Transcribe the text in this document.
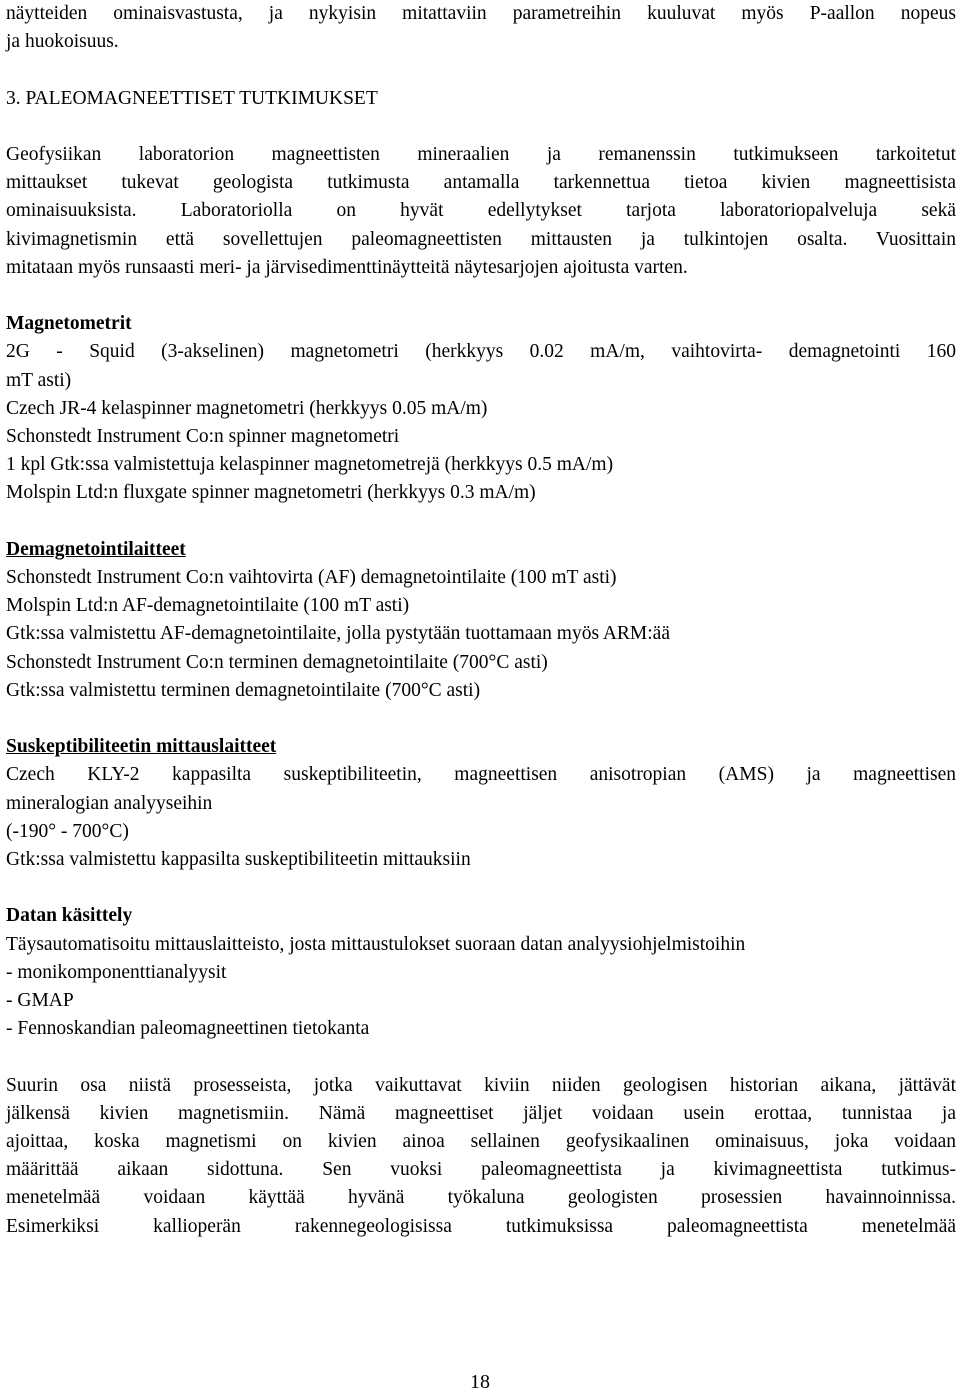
näytteiden ominaisvastusta, ja nykyisin mitattaviin parametreihin kuuluvat myös P-aallon nopeus
ja huokoisuus.
3. PALEOMAGNEETTISET TUTKIMUKSET
Geofysiikan laboratorion magneettisten mineraalien ja remanenssin tutkimukseen tarkoitetut
mittaukset tukevat geologista tutkimusta antamalla tarkennettua tietoa kivien magneettisista
ominaisuuksista. Laboratoriolla on hyvät edellytykset tarjota laboratoriopalveluja sekä
kivimagnetismin että sovellettujen paleomagneettisten mittausten ja tulkintojen osalta. Vuosittain
mitataan myös runsaasti meri- ja järvisedimenttinäytteitä näytesarjojen ajoitusta varten.
Magnetometrit
2G - Squid (3-akselinen) magnetometri (herkkyys 0.02 mA/m, vaihtovirta- demagnetointi 160
mT asti)
Czech JR-4 kelaspinner magnetometri (herkkyys 0.05 mA/m)
Schonstedt Instrument Co:n spinner magnetometri
1 kpl Gtk:ssa valmistettuja kelaspinner magnetometrejä (herkkyys 0.5 mA/m)
Molspin Ltd:n fluxgate spinner magnetometri (herkkyys 0.3 mA/m)
Demagnetointilaitteet
Schonstedt Instrument Co:n vaihtovirta (AF) demagnetointilaite (100 mT asti)
Molspin Ltd:n AF-demagnetointilaite (100 mT asti)
Gtk:ssa valmistettu AF-demagnetointilaite, jolla pystytään tuottamaan myös ARM:ää
Schonstedt Instrument Co:n terminen demagnetointilaite (700°C asti)
Gtk:ssa valmistettu terminen demagnetointilaite (700°C asti)
Suskeptibiliteetin mittauslaitteet
Czech KLY-2 kappasilta suskeptibiliteetin, magneettisen anisotropian (AMS) ja magneettisen
mineralogian analyyseihin
(-190° - 700°C)
Gtk:ssa valmistettu kappasilta suskeptibiliteetin mittauksiin
Datan käsittely
Täysautomatisoitu mittauslaitteisto, josta mittaustulokset suoraan datan analyysiohjelmistoihin
- monikomponenttianalyysit
- GMAP
- Fennoskandian paleomagneettinen tietokanta
Suurin osa niistä prosesseista, jotka vaikuttavat kiviin niiden geologisen historian aikana, jättävät
jälkensä kivien magnetismiin. Nämä magneettiset jäljet voidaan usein erottaa, tunnistaa ja
ajoittaa, koska magnetismi on kivien ainoa sellainen geofysikaalinen ominaisuus, joka voidaan
määrittää aikaan sidottuna. Sen vuoksi paleomagneettista ja kivimagneettista tutkimus-
menetelmää voidaan käyttää hyvänä työkaluna geologisten prosessien havainnoinnissa.
Esimerkiksi kallioperän rakennegeologisissa tutkimuksissa paleomagneettista menetelmää
18
